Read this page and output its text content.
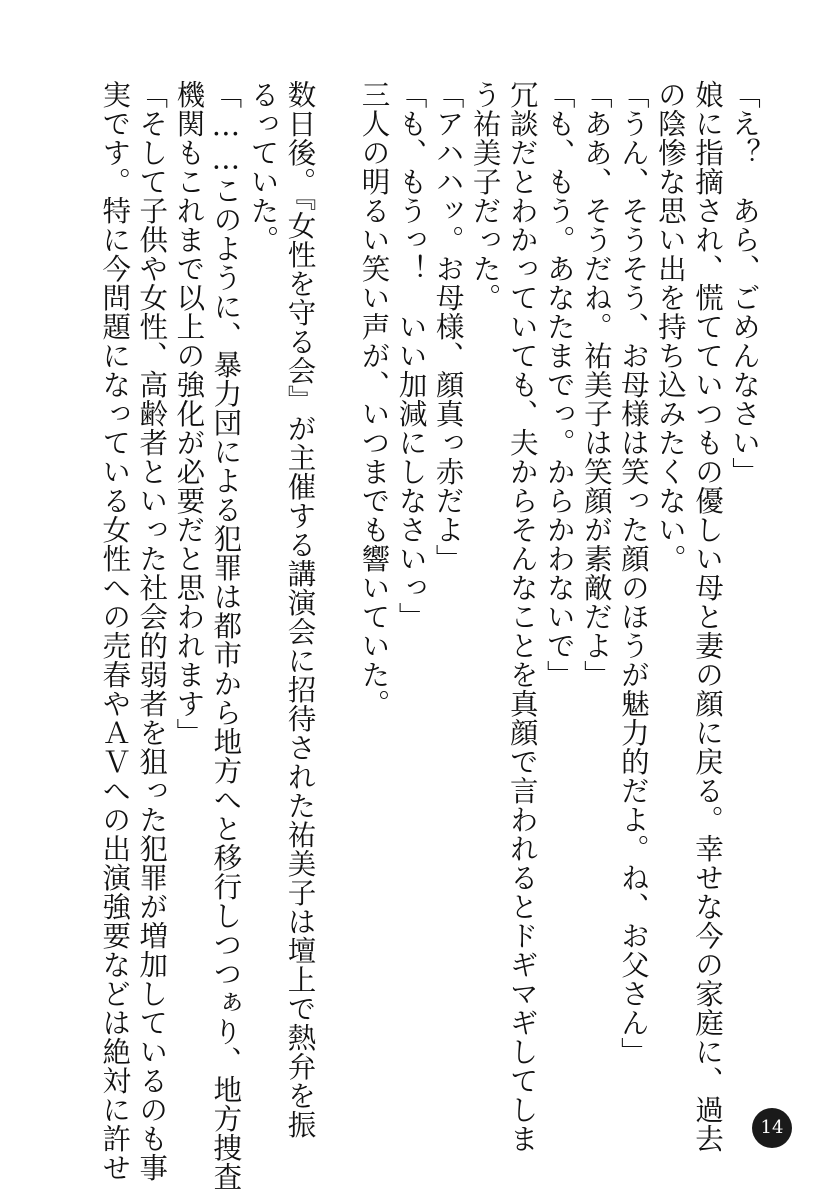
「え？　あら、ごめんなさい」
娘に指摘され、慌てていつもの優しい母と妻の顔に戻る。幸せな今の家庭に、過去
の陰惨な思い出を持ち込みたくない。
「うん、そうそう、お母様は笑った顔のほうが魅力的だよ。ね、お父さん」
「ああ、そうだね。祐美子は笑顔が素敵だよ」
「も、もう。あなたまでっ。からかわないで」
冗談だとわかっていても、夫からそんなことを真顔で言われるとドギマギしてしま
う祐美子だった。
「アハハッ。お母様、顔真っ赤だよ」
「も、もうっ！　いい加減にしなさいっ」
三人の明るい笑い声が、いつまでも響いていた。
数日後。『女性を守る会』が主催する講演会に招待された祐美子は壇上で熱弁を振
るっていた。
「……このように、暴力団による犯罪は都市から地方へと移行しつつぁり、地方捜査
機関もこれまで以上の強化が必要だと思われます」
「そして子供や女性、高齢者といった社会的弱者を狙った犯罪が増加しているのも事
実です。特に今問題になっている女性への売春やＡＶへの出演強要などは絶対に許せ	14
